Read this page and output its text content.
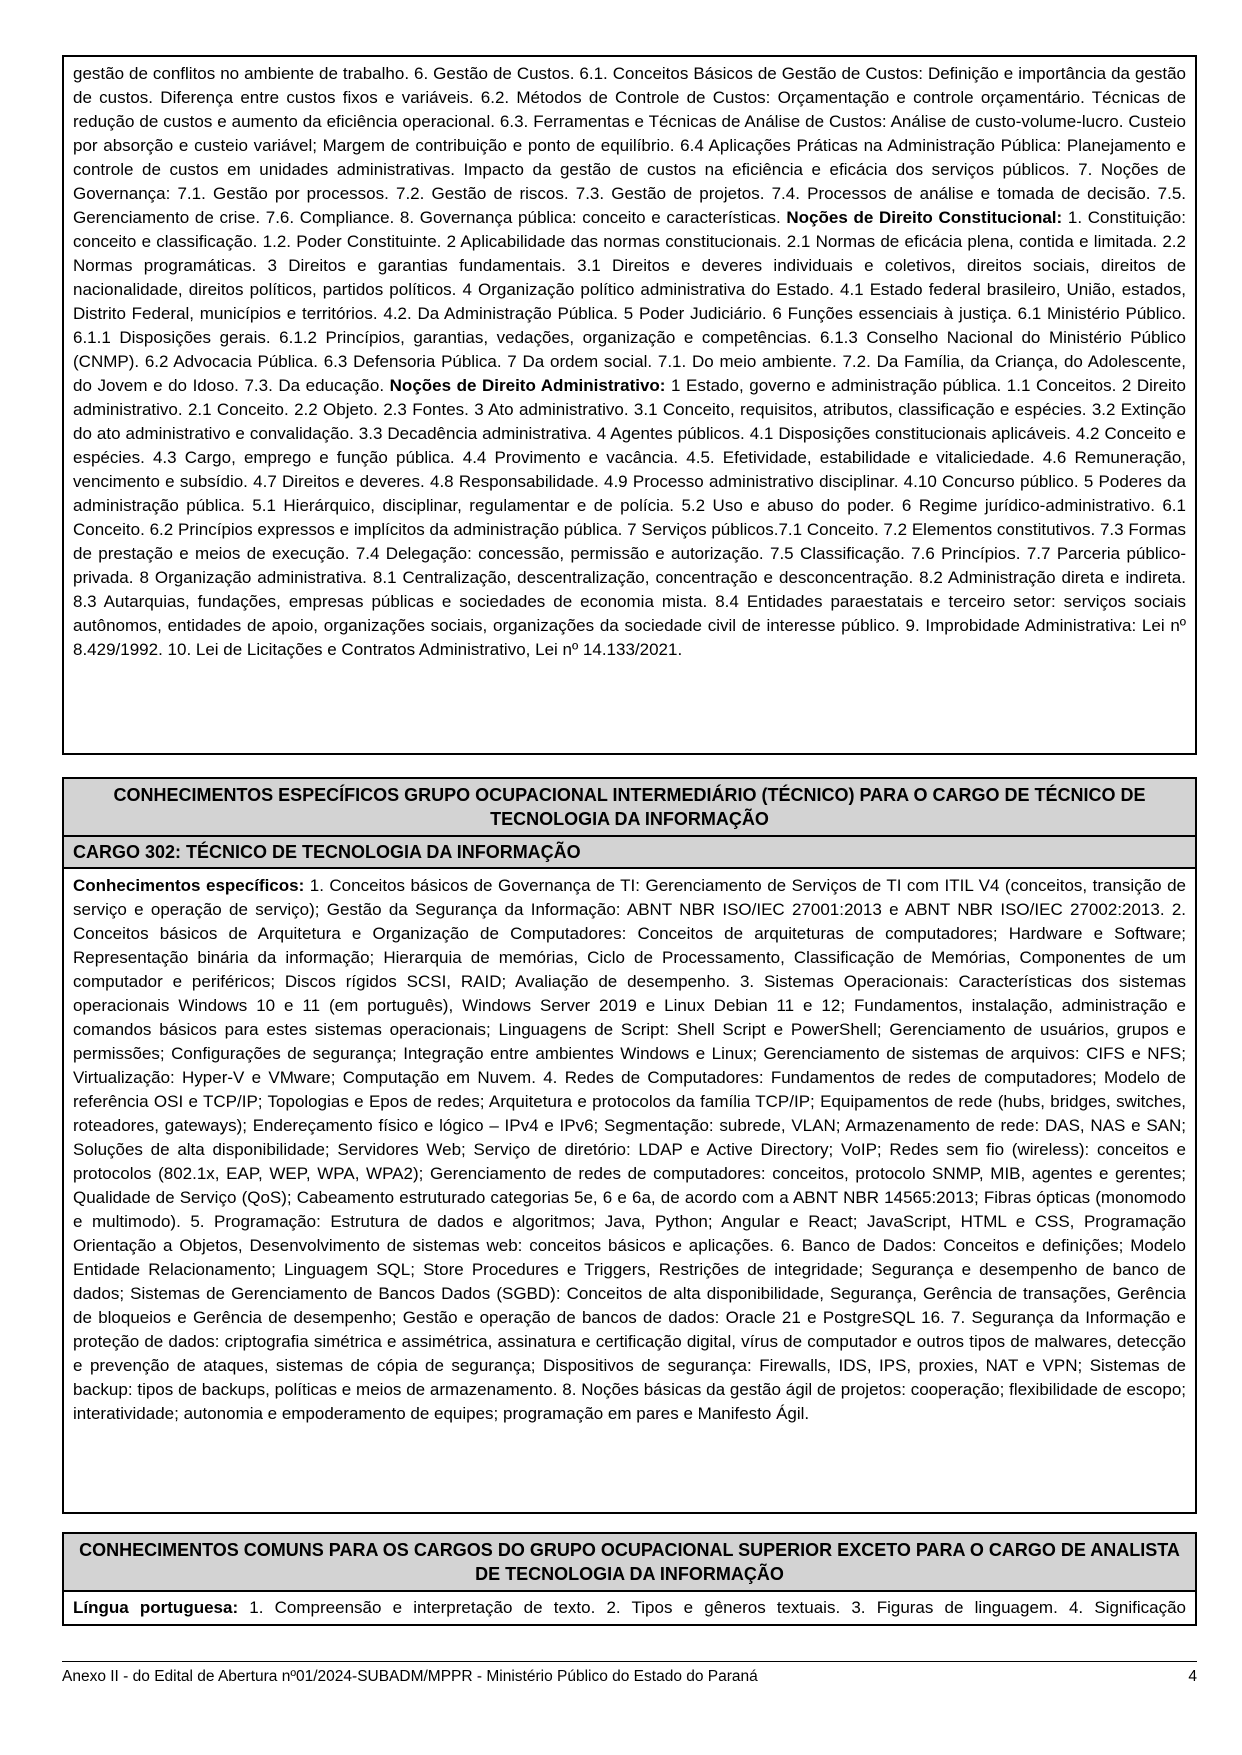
gestão de conflitos no ambiente de trabalho. 6. Gestão de Custos. 6.1. Conceitos Básicos de Gestão de Custos: Definição e importância da gestão de custos. Diferença entre custos fixos e variáveis. 6.2. Métodos de Controle de Custos: Orçamentação e controle orçamentário. Técnicas de redução de custos e aumento da eficiência operacional. 6.3. Ferramentas e Técnicas de Análise de Custos: Análise de custo-volume-lucro. Custeio por absorção e custeio variável; Margem de contribuição e ponto de equilíbrio. 6.4 Aplicações Práticas na Administração Pública: Planejamento e controle de custos em unidades administrativas. Impacto da gestão de custos na eficiência e eficácia dos serviços públicos. 7. Noções de Governança: 7.1. Gestão por processos. 7.2. Gestão de riscos. 7.3. Gestão de projetos. 7.4. Processos de análise e tomada de decisão. 7.5. Gerenciamento de crise. 7.6. Compliance. 8. Governança pública: conceito e características. Noções de Direito Constitucional: 1. Constituição: conceito e classificação. 1.2. Poder Constituinte. 2 Aplicabilidade das normas constitucionais. 2.1 Normas de eficácia plena, contida e limitada. 2.2 Normas programáticas. 3 Direitos e garantias fundamentais. 3.1 Direitos e deveres individuais e coletivos, direitos sociais, direitos de nacionalidade, direitos políticos, partidos políticos. 4 Organização político administrativa do Estado. 4.1 Estado federal brasileiro, União, estados, Distrito Federal, municípios e territórios. 4.2. Da Administração Pública. 5 Poder Judiciário. 6 Funções essenciais à justiça. 6.1 Ministério Público. 6.1.1 Disposições gerais. 6.1.2 Princípios, garantias, vedações, organização e competências. 6.1.3 Conselho Nacional do Ministério Público (CNMP). 6.2 Advocacia Pública. 6.3 Defensoria Pública. 7 Da ordem social. 7.1. Do meio ambiente. 7.2. Da Família, da Criança, do Adolescente, do Jovem e do Idoso. 7.3. Da educação. Noções de Direito Administrativo: 1 Estado, governo e administração pública. 1.1 Conceitos. 2 Direito administrativo. 2.1 Conceito. 2.2 Objeto. 2.3 Fontes. 3 Ato administrativo. 3.1 Conceito, requisitos, atributos, classificação e espécies. 3.2 Extinção do ato administrativo e convalidação. 3.3 Decadência administrativa. 4 Agentes públicos. 4.1 Disposições constitucionais aplicáveis. 4.2 Conceito e espécies. 4.3 Cargo, emprego e função pública. 4.4 Provimento e vacância. 4.5. Efetividade, estabilidade e vitaliciedade. 4.6 Remuneração, vencimento e subsídio. 4.7 Direitos e deveres. 4.8 Responsabilidade. 4.9 Processo administrativo disciplinar. 4.10 Concurso público. 5 Poderes da administração pública. 5.1 Hierárquico, disciplinar, regulamentar e de polícia. 5.2 Uso e abuso do poder. 6 Regime jurídico-administrativo. 6.1 Conceito. 6.2 Princípios expressos e implícitos da administração pública. 7 Serviços públicos.7.1 Conceito. 7.2 Elementos constitutivos. 7.3 Formas de prestação e meios de execução. 7.4 Delegação: concessão, permissão e autorização. 7.5 Classificação. 7.6 Princípios. 7.7 Parceria público-privada. 8 Organização administrativa. 8.1 Centralização, descentralização, concentração e desconcentração. 8.2 Administração direta e indireta. 8.3 Autarquias, fundações, empresas públicas e sociedades de economia mista. 8.4 Entidades paraestatais e terceiro setor: serviços sociais autônomos, entidades de apoio, organizações sociais, organizações da sociedade civil de interesse público. 9. Improbidade Administrativa: Lei nº 8.429/1992. 10. Lei de Licitações e Contratos Administrativo, Lei nº 14.133/2021.
CONHECIMENTOS ESPECÍFICOS GRUPO OCUPACIONAL INTERMEDIÁRIO (TÉCNICO) PARA O CARGO DE TÉCNICO DE TECNOLOGIA DA INFORMAÇÃO
CARGO 302: TÉCNICO DE TECNOLOGIA DA INFORMAÇÃO
Conhecimentos específicos: 1. Conceitos básicos de Governança de TI: Gerenciamento de Serviços de TI com ITIL V4 (conceitos, transição de serviço e operação de serviço); Gestão da Segurança da Informação: ABNT NBR ISO/IEC 27001:2013 e ABNT NBR ISO/IEC 27002:2013. 2. Conceitos básicos de Arquitetura e Organização de Computadores: Conceitos de arquiteturas de computadores; Hardware e Software; Representação binária da informação; Hierarquia de memórias, Ciclo de Processamento, Classificação de Memórias, Componentes de um computador e periféricos; Discos rígidos SCSI, RAID; Avaliação de desempenho. 3. Sistemas Operacionais: Características dos sistemas operacionais Windows 10 e 11 (em português), Windows Server 2019 e Linux Debian 11 e 12; Fundamentos, instalação, administração e comandos básicos para estes sistemas operacionais; Linguagens de Script: Shell Script e PowerShell; Gerenciamento de usuários, grupos e permissões; Configurações de segurança; Integração entre ambientes Windows e Linux; Gerenciamento de sistemas de arquivos: CIFS e NFS; Virtualização: Hyper-V e VMware; Computação em Nuvem. 4. Redes de Computadores: Fundamentos de redes de computadores; Modelo de referência OSI e TCP/IP; Topologias e Epos de redes; Arquitetura e protocolos da família TCP/IP; Equipamentos de rede (hubs, bridges, switches, roteadores, gateways); Endereçamento físico e lógico – IPv4 e IPv6; Segmentação: subrede, VLAN; Armazenamento de rede: DAS, NAS e SAN; Soluções de alta disponibilidade; Servidores Web; Serviço de diretório: LDAP e Active Directory; VoIP; Redes sem fio (wireless): conceitos e protocolos (802.1x, EAP, WEP, WPA, WPA2); Gerenciamento de redes de computadores: conceitos, protocolo SNMP, MIB, agentes e gerentes; Qualidade de Serviço (QoS); Cabeamento estruturado categorias 5e, 6 e 6a, de acordo com a ABNT NBR 14565:2013; Fibras ópticas (monomodo e multimodo). 5. Programação: Estrutura de dados e algoritmos; Java, Python; Angular e React; JavaScript, HTML e CSS, Programação Orientação a Objetos, Desenvolvimento de sistemas web: conceitos básicos e aplicações. 6. Banco de Dados: Conceitos e definições; Modelo Entidade Relacionamento; Linguagem SQL; Store Procedures e Triggers, Restrições de integridade; Segurança e desempenho de banco de dados; Sistemas de Gerenciamento de Bancos Dados (SGBD): Conceitos de alta disponibilidade, Segurança, Gerência de transações, Gerência de bloqueios e Gerência de desempenho; Gestão e operação de bancos de dados: Oracle 21 e PostgreSQL 16. 7. Segurança da Informação e proteção de dados: criptografia simétrica e assimétrica, assinatura e certificação digital, vírus de computador e outros tipos de malwares, detecção e prevenção de ataques, sistemas de cópia de segurança; Dispositivos de segurança: Firewalls, IDS, IPS, proxies, NAT e VPN; Sistemas de backup: tipos de backups, políticas e meios de armazenamento. 8. Noções básicas da gestão ágil de projetos: cooperação; flexibilidade de escopo; interatividade; autonomia e empoderamento de equipes; programação em pares e Manifesto Ágil.
CONHECIMENTOS COMUNS PARA OS CARGOS DO GRUPO OCUPACIONAL SUPERIOR EXCETO PARA O CARGO DE ANALISTA DE TECNOLOGIA DA INFORMAÇÃO
Língua portuguesa: 1. Compreensão e interpretação de texto. 2. Tipos e gêneros textuais. 3. Figuras de linguagem. 4. Significação
Anexo II - do Edital de Abertura nº01/2024-SUBADM/MPPR - Ministério Público do Estado do Paraná	4
